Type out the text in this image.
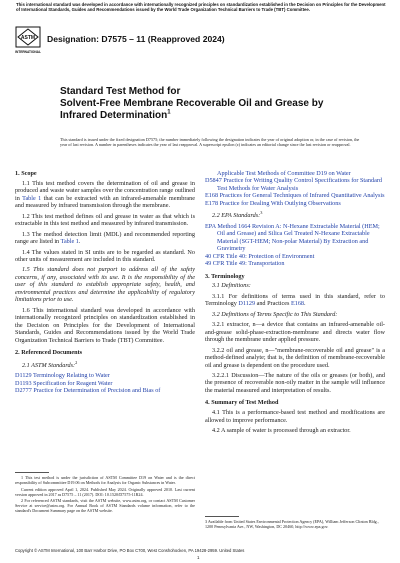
This international standard was developed in accordance with internationally recognized principles on standardization established in the Decision on Principles for the Development of International Standards, Guides and Recommendations issued by the World Trade Organization Technical Barriers to Trade (TBT) Committee.
ASTM
INTERNATIONAL
Designation: D7575 – 11 (Reapproved 2024)
Standard Test Method for
Solvent-Free Membrane Recoverable Oil and Grease by
Infrared Determination$^1$
This standard is issued under the fixed designation D7575; the number immediately following the designation indicates the year of original adoption or, in the case of revision, the year of last revision. A number in parentheses indicates the year of last reapproval. A superscript epsilon (ε) indicates an editorial change since the last revision or reapproval.
1. Scope

1.1 This test method covers the determination of oil and grease in produced and waste water samples over the concentration range outlined in Table 1 that can be extracted with an infrared-amenable membrane and measured by infrared transmission through the membrane.

1.2 This test method defines oil and grease in water as that which is extractable in this test method and measured by infrared transmission.

1.3 The method detection limit (MDL) and recommended reporting range are listed in Table 1.

1.4 The values stated in SI units are to be regarded as standard. No other units of measurement are included in this standard.

1.5 This standard does not purport to address all of the safety concerns, if any, associated with its use. It is the responsibility of the user of this standard to establish appropriate safety, health, and environmental practices and determine the applicability of regulatory limitations prior to use.

1.6 This international standard was developed in accordance with internationally recognized principles on standardization established in the Decision on Principles for the Development of International Standards, Guides and Recommendations issued by the World Trade Organization Technical Barriers to Trade (TBT) Committee.

2. Referenced Documents

2.1 ASTM Standards:$^2$

D1129 Terminology Relating to Water
D1193 Specification for Reagent Water
D2777 Practice for Determination of Precision and Bias of
Applicable Test Methods of Committee D19 on Water
D5847 Practice for Writing Quality Control Specifications for Standard Test Methods for Water Analysis
E168 Practices for General Techniques of Infrared Quantitative Analysis
E178 Practice for Dealing With Outlying Observations

2.2 EPA Standards:$^3$

EPA Method 1664 Revision A: N-Hexane Extractable Material (HEM; Oil and Grease) and Silica Gel Treated N-Hexane Extractable Material (SGT-HEM; Non-polar Material) By Extraction and Gravimetry
40 CFR Title 40: Protection of Environment
49 CFR Title 49: Transportation
3. Terminology

3.1 Definitions:

3.1.1 For definitions of terms used in this standard, refer to Terminology D1129 and Practices E168.

3.2 Definitions of Terms Specific to This Standard:

3.2.1 extractor, n—a device that contains an infrared-amenable oil-and-grease solid-phase-extraction-membrane and directs water flow through the membrane under applied pressure.

3.2.2 oil and grease, n—"membrane-recoverable oil and grease" is a method-defined analyte; that is, the definition of membrane-recoverable oil and grease is dependent on the procedure used.

3.2.2.1 Discussion—The nature of the oils or greases (or both), and the presence of recoverable non-oily matter in the sample will influence the material measured and interpretation of results.

4. Summary of Test Method

4.1 This is a performance-based test method and modifications are allowed to improve performance.

4.2 A sample of water is processed through an extractor.

1 This test method is under the jurisdiction of ASTM Committee D19 on Water and is the direct responsibility of Subcommittee D19.06 on Methods for Analysis for Organic Substances in Water.
Current edition approved April 1, 2024. Published May 2024. Originally approved 2010. Last current version approved in 2017 as D7575 – 11 (2017). DOI: 10.1520/D7575-11R24.
2 For referenced ASTM standards, visit the ASTM website, www.astm.org, or contact ASTM Customer Service at service@astm.org. For Annual Book of ASTM Standards volume information, refer to the standard's Document Summary page on the ASTM website.
3 Available from United States Environmental Protection Agency (EPA), William Jefferson Clinton Bldg., 1200 Pennsylvania Ave., NW, Washington, DC 20460, http://www.epa.gov.
Copyright © ASTM International, 100 Barr Harbor Drive, PO Box C700, West Conshohocken, PA 19428-2959. United States
1
